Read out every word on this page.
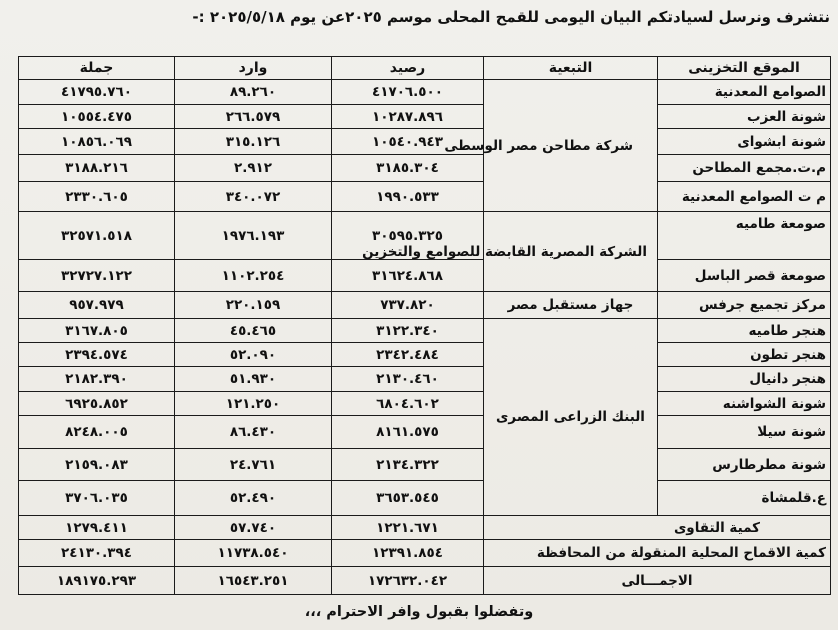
نتشرف ونرسل لسيادتكم البيان اليومى للقمح المحلى موسم ٢٠٢٥عن يوم ٢٠٢٥/٥/١٨ :-
الموقع التخزينى	التبعية	رصيد	وارد	جملة
الصوامع المعدنية	شركة مطاحن مصر الوسطى	٤١٧٠٦.٥٠٠	٨٩.٢٦٠	٤١٧٩٥.٧٦٠
شونة العزب		١٠٢٨٧.٨٩٦	٢٦٦.٥٧٩	١٠٥٥٤.٤٧٥
شونة ابشواى		١٠٥٤٠.٩٤٣	٣١٥.١٢٦	١٠٨٥٦.٠٦٩
م.ت.مجمع المطاحن		٣١٨٥.٣٠٤	٢.٩١٢	٣١٨٨.٢١٦
م ت الصوامع المعدنية		١٩٩٠.٥٣٣	٣٤٠.٠٧٢	٢٣٣٠.٦٠٥
صومعة طاميه	الشركة المصرية القابضة للصوامع والتخزين	٣٠٥٩٥.٣٢٥	١٩٧٦.١٩٣	٣٢٥٧١.٥١٨
صومعة قصر الباسل		٣١٦٢٤.٨٦٨	١١٠٢.٢٥٤	٣٢٧٢٧.١٢٢
مركز تجميع جرفس	جهاز مستقبل مصر	٧٣٧.٨٢٠	٢٢٠.١٥٩	٩٥٧.٩٧٩
هنجر طاميه	البنك الزراعى المصرى	٣١٢٢.٣٤٠	٤٥.٤٦٥	٣١٦٧.٨٠٥
هنجر تطون		٢٣٤٢.٤٨٤	٥٢.٠٩٠	٢٣٩٤.٥٧٤
هنجر دانيال		٢١٣٠.٤٦٠	٥١.٩٣٠	٢١٨٢.٣٩٠
شونة الشواشنه		٦٨٠٤.٦٠٢	١٢١.٢٥٠	٦٩٢٥.٨٥٢
شونة سيلا		٨١٦١.٥٧٥	٨٦.٤٣٠	٨٢٤٨.٠٠٥
شونة مطرطارس		٢١٣٤.٣٢٢	٢٤.٧٦١	٢١٥٩.٠٨٣
ع.قلمشاة		٣٦٥٣.٥٤٥	٥٢.٤٩٠	٣٧٠٦.٠٣٥
كمية التقاوى		١٢٢١.٦٧١	٥٧.٧٤٠	١٢٧٩.٤١١
كمية الاقماح المحلية المنقولة من المحافظة		١٢٣٩١.٨٥٤	١١٧٣٨.٥٤٠	٢٤١٣٠.٣٩٤
الاجمـــالى		١٧٢٦٣٢.٠٤٢	١٦٥٤٣.٢٥١	١٨٩١٧٥.٢٩٣
وتفضلوا بقبول وافر الاحترام ،،،
